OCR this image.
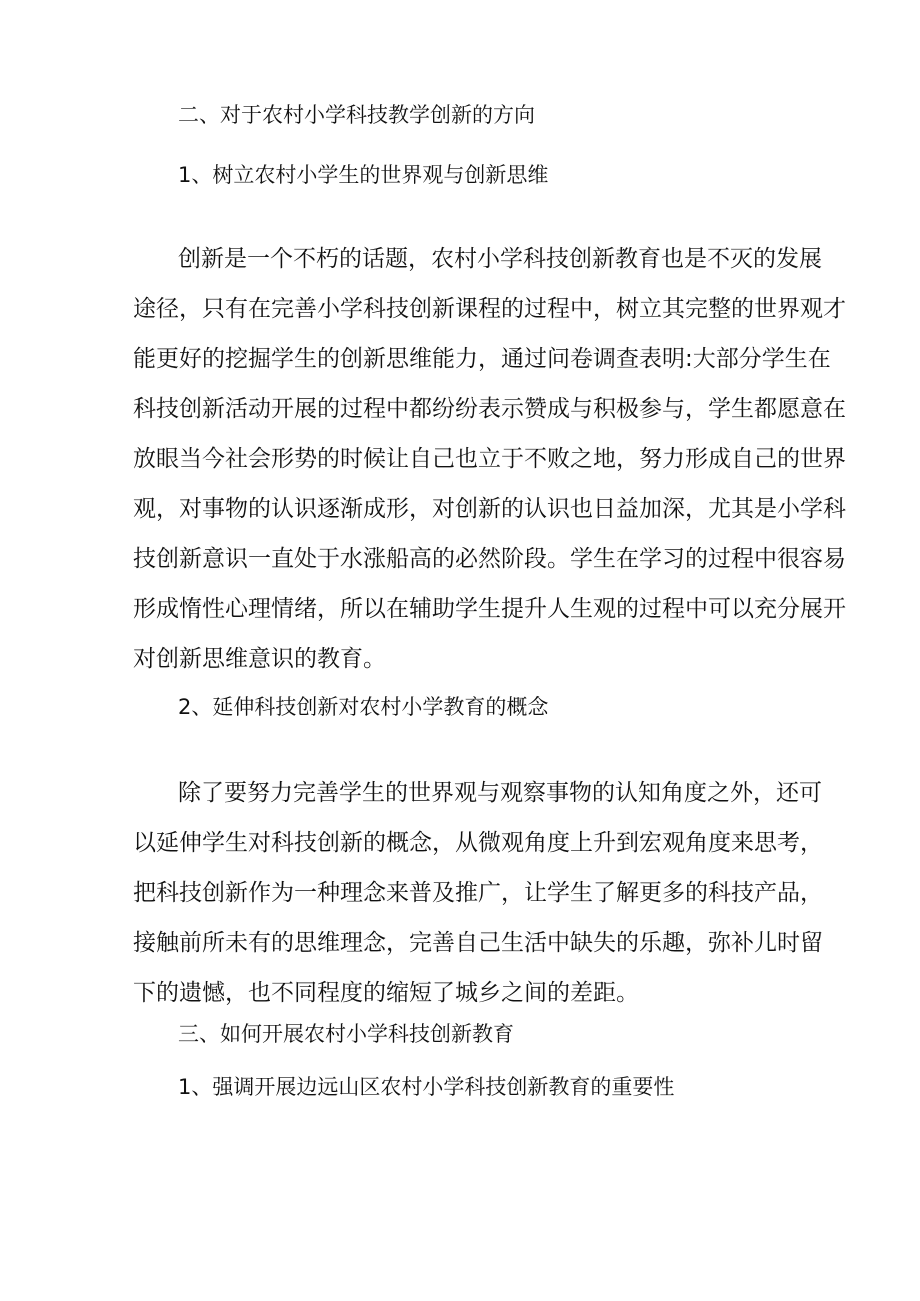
二、对于农村小学科技教学创新的方向

1、树立农村小学生的世界观与创新思维

创新是一个不朽的话题，农村小学科技创新教育也是不灭的发展

途径，只有在完善小学科技创新课程的过程中，树立其完整的世界观才

能更好的挖掘学生的创新思维能力，通过问卷调查表明:大部分学生在

科技创新活动开展的过程中都纷纷表示赞成与积极参与，学生都愿意在

放眼当今社会形势的时候让自己也立于不败之地，努力形成自己的世界

观，对事物的认识逐渐成形，对创新的认识也日益加深，尤其是小学科

技创新意识一直处于水涨船高的必然阶段。学生在学习的过程中很容易

形成惰性心理情绪，所以在辅助学生提升人生观的过程中可以充分展开

对创新思维意识的教育。

2、延伸科技创新对农村小学教育的概念

除了要努力完善学生的世界观与观察事物的认知角度之外，还可

以延伸学生对科技创新的概念，从微观角度上升到宏观角度来思考，

把科技创新作为一种理念来普及推广，让学生了解更多的科技产品，

接触前所未有的思维理念，完善自己生活中缺失的乐趣，弥补儿时留

下的遗憾，也不同程度的缩短了城乡之间的差距。

三、如何开展农村小学科技创新教育

1、强调开展边远山区农村小学科技创新教育的重要性
